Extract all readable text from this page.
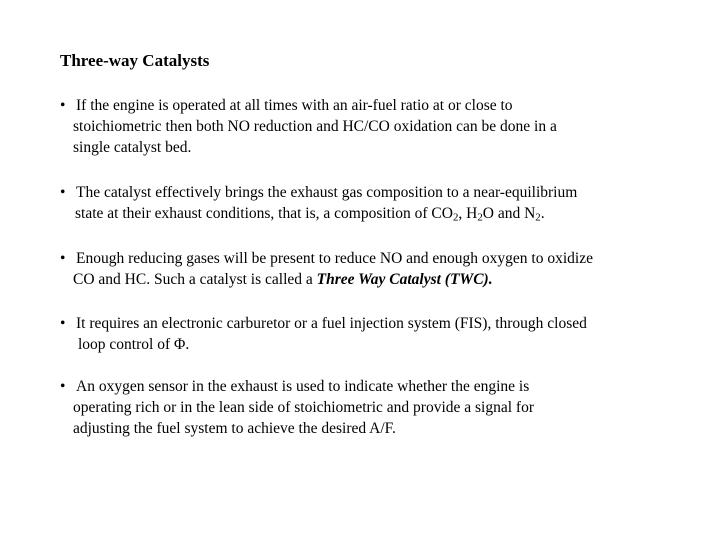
Three-way Catalysts
• If the engine is operated at all times with an air-fuel ratio at or close to
stoichiometric then both NO reduction and HC/CO oxidation can be done in a
single catalyst bed.
• The catalyst effectively brings the exhaust gas composition to a near-equilibrium
state at their exhaust conditions, that is, a composition of $CO_2$, $H_2O$ and $N_2$.
• Enough reducing gases will be present to reduce NO and enough oxygen to oxidize
CO and HC. Such a catalyst is called a Three Way Catalyst (TWC).
• It requires an electronic carburetor or a fuel injection system (FIS), through closed
loop control of Φ.
• An oxygen sensor in the exhaust is used to indicate whether the engine is
operating rich or in the lean side of stoichiometric and provide a signal for
adjusting the fuel system to achieve the desired A/F.
